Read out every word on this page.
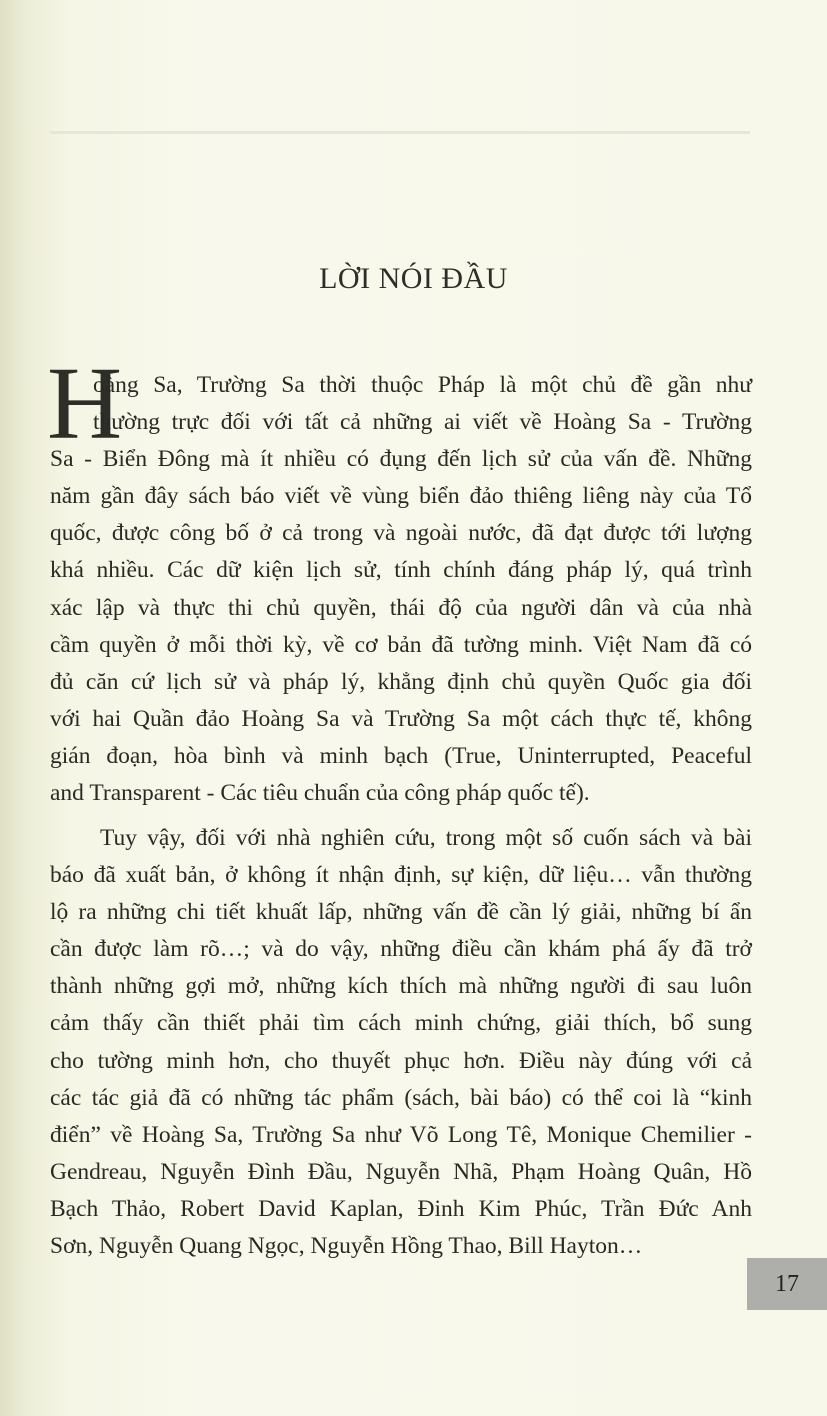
LỜI NÓI ĐẦU
H
oàng Sa, Trường Sa thời thuộc Pháp là một chủ đề gần như
thường trực đối với tất cả những ai viết về Hoàng Sa - Trường
Sa - Biển Đông mà ít nhiều có đụng đến lịch sử của vấn đề. Những
năm gần đây sách báo viết về vùng biển đảo thiêng liêng này của Tổ
quốc, được công bố ở cả trong và ngoài nước, đã đạt được tới lượng
khá nhiều. Các dữ kiện lịch sử, tính chính đáng pháp lý, quá trình
xác lập và thực thi chủ quyền, thái độ của người dân và của nhà
cầm quyền ở mỗi thời kỳ, về cơ bản đã tường minh. Việt Nam đã có
đủ căn cứ lịch sử và pháp lý, khẳng định chủ quyền Quốc gia đối
với hai Quần đảo Hoàng Sa và Trường Sa một cách thực tế, không
gián đoạn, hòa bình và minh bạch (True, Uninterrupted, Peaceful
and Transparent - Các tiêu chuẩn của công pháp quốc tế).
Tuy vậy, đối với nhà nghiên cứu, trong một số cuốn sách và bài
báo đã xuất bản, ở không ít nhận định, sự kiện, dữ liệu… vẫn thường
lộ ra những chi tiết khuất lấp, những vấn đề cần lý giải, những bí ẩn
cần được làm rõ…; và do vậy, những điều cần khám phá ấy đã trở
thành những gợi mở, những kích thích mà những người đi sau luôn
cảm thấy cần thiết phải tìm cách minh chứng, giải thích, bổ sung
cho tường minh hơn, cho thuyết phục hơn. Điều này đúng với cả
các tác giả đã có những tác phẩm (sách, bài báo) có thể coi là “kinh
điển” về Hoàng Sa, Trường Sa như Võ Long Tê, Monique Chemilier -
Gendreau, Nguyễn Đình Đầu, Nguyễn Nhã, Phạm Hoàng Quân, Hồ
Bạch Thảo, Robert David Kaplan, Đinh Kim Phúc, Trần Đức Anh
Sơn, Nguyễn Quang Ngọc, Nguyễn Hồng Thao, Bill Hayton…
17
